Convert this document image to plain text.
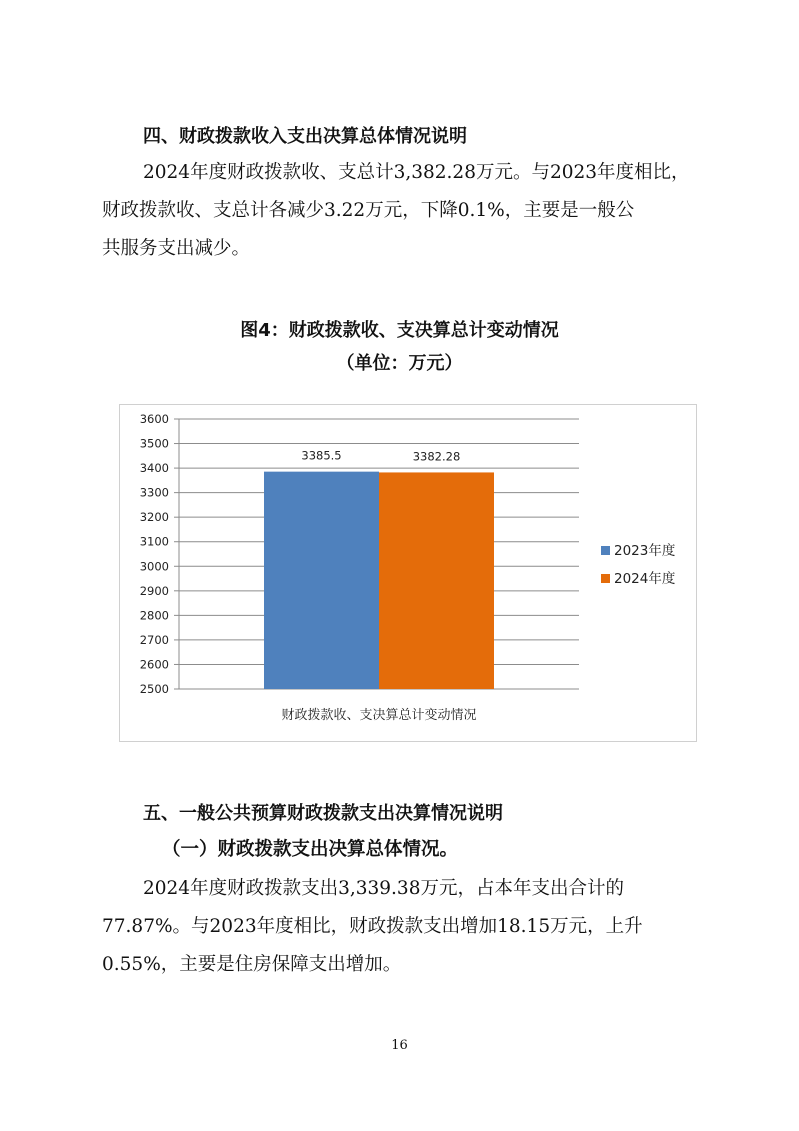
四、财政拨款收入支出决算总体情况说明
2024年度财政拨款收、支总计3,382.28万元。与2023年度相比，
财政拨款收、支总计各减少3.22万元，下降0.1%，主要是一般公
共服务支出减少。
图4：财政拨款收、支决算总计变动情况
（单位：万元）
2500
2600
2700
2800
2900
3000
3100
3200
3300
3400
3500
3600
3385.5	3382.28
财政拨款收、支决算总计变动情况
2023年度
2024年度
五、一般公共预算财政拨款支出决算情况说明
（一）财政拨款支出决算总体情况。
2024年度财政拨款支出3,339.38万元，占本年支出合计的
77.87%。与2023年度相比，财政拨款支出增加18.15万元，上升
0.55%，主要是住房保障支出增加。
16
